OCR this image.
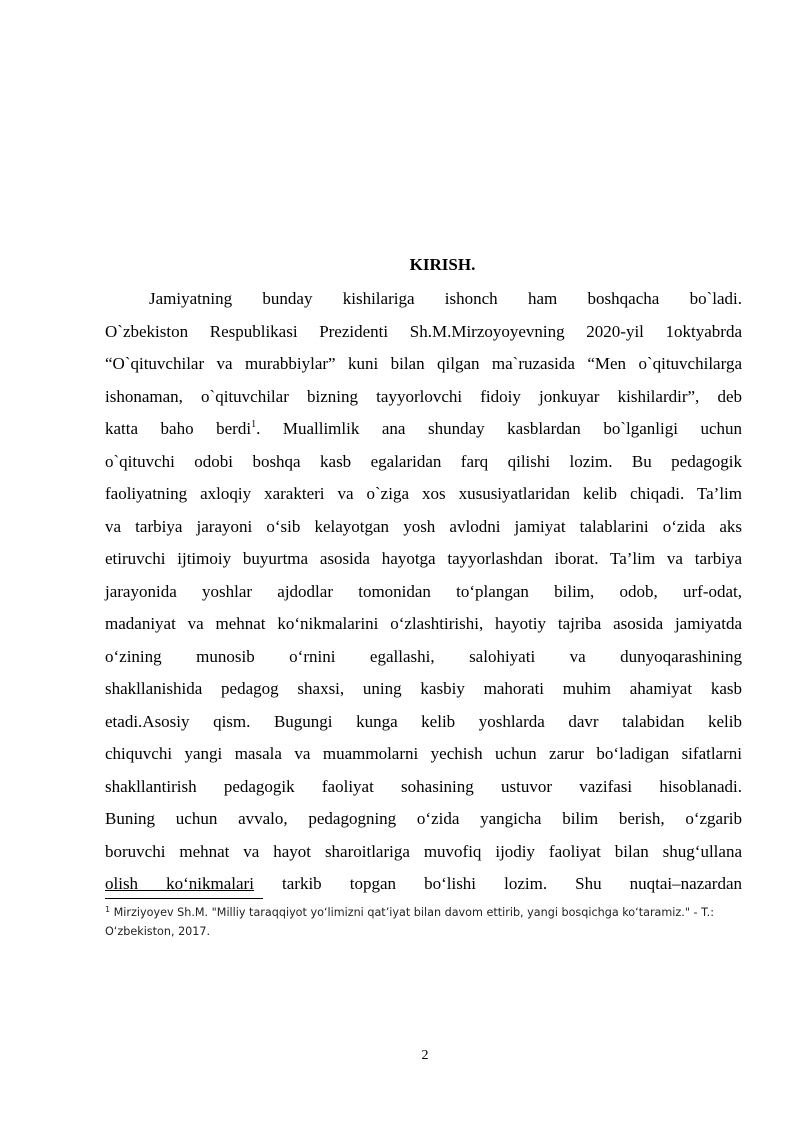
KIRISH.
Jamiyatning bunday kishilariga ishonch ham boshqacha bo`ladi.
O`zbekiston Respublikasi Prezidenti Sh.M.Mirzoyoyevning 2020-yil 1oktyabrda
“O`qituvchilar va murabbiylar” kuni bilan qilgan ma`ruzasida “Men o`qituvchilarga
ishonaman, o`qituvchilar bizning tayyorlovchi fidoiy jonkuyar kishilardir”, deb
katta baho berdi$^1$. Muallimlik ana shunday kasblardan bo`lganligi uchun
o`qituvchi odobi boshqa kasb egalaridan farq qilishi lozim. Bu pedagogik
faoliyatning axloqiy xarakteri va o`ziga xos xususiyatlaridan kelib chiqadi. Ta’lim
va tarbiya jarayoni o‘sib kelayotgan yosh avlodni jamiyat talablarini o‘zida aks
etiruvchi ijtimoiy buyurtma asosida hayotga tayyorlashdan iborat. Ta’lim va tarbiya
jarayonida yoshlar ajdodlar tomonidan to‘plangan bilim, odob, urf-odat,
madaniyat va mehnat ko‘nikmalarini o‘zlashtirishi, hayotiy tajriba asosida jamiyatda
o‘zining munosib o‘rnini egallashi, salohiyati va dunyoqarashining
shakllanishida pedagog shaxsi, uning kasbiy mahorati muhim ahamiyat kasb
etadi.Asosiy qism. Bugungi kunga kelib yoshlarda davr talabidan kelib
chiquvchi yangi masala va muammolarni yechish uchun zarur bo‘ladigan sifatlarni
shakllantirish pedagogik faoliyat sohasining ustuvor vazifasi hisoblanadi.
Buning uchun avvalo, pedagogning o‘zida yangicha bilim berish, o‘zgarib
boruvchi mehnat va hayot sharoitlariga muvofiq ijodiy faoliyat bilan shug‘ullana
olish ko‘nikmalari tarkib topgan bo‘lishi lozim. Shu nuqtai–nazardan
$^1$ Mirziyoyev Sh.M. "Milliy taraqqiyot yo‘limizni qat’iyat bilan davom ettirib, yangi bosqichga ko‘taramiz." - T.: O‘zbekiston, 2017.
2
